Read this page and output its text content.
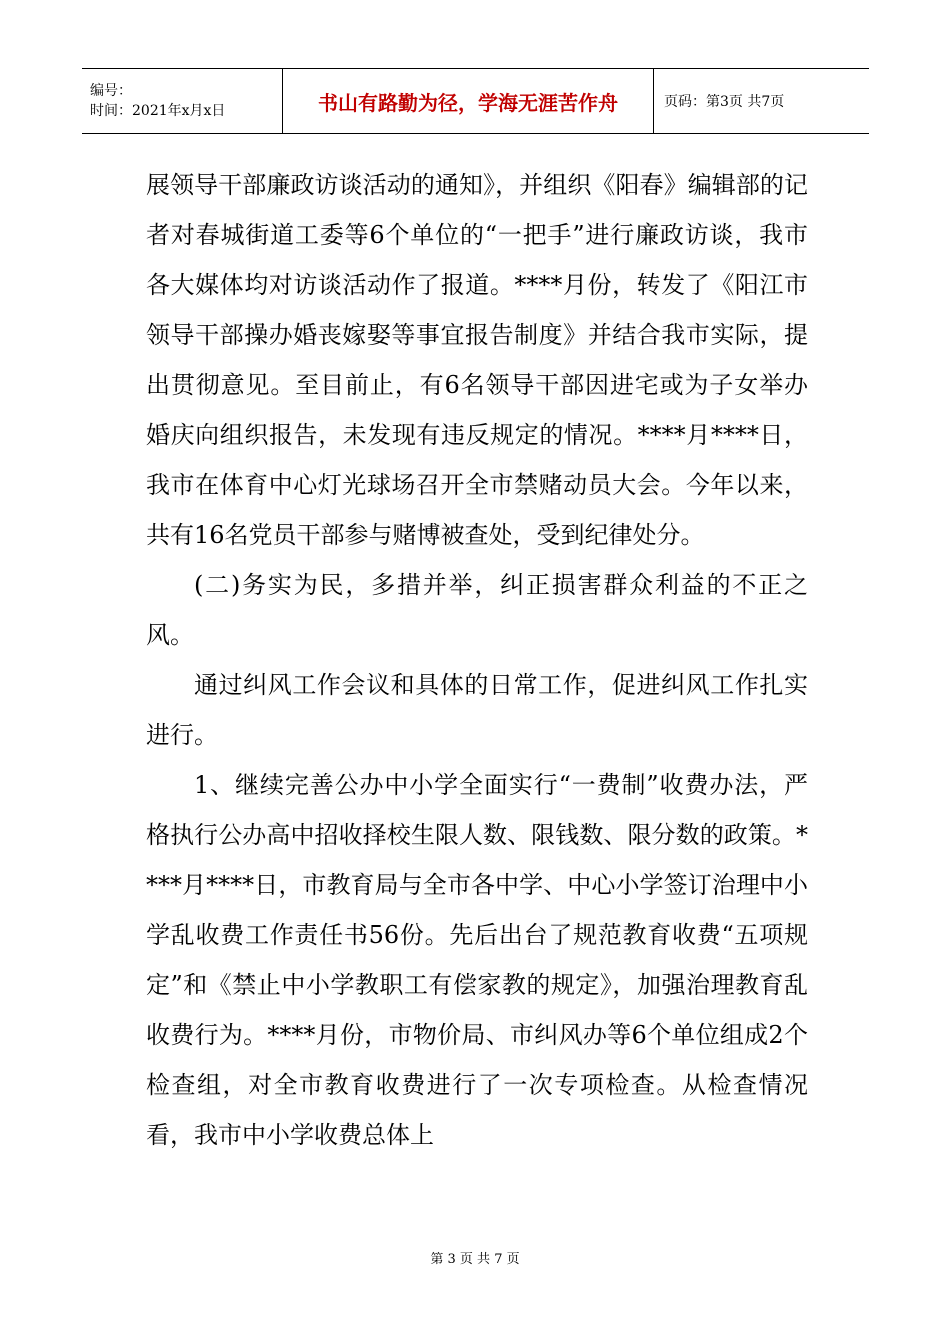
编号：
时间：2021年x月x日	书山有路勤为径，学海无涯苦作舟	页码：第3页 共7页

展领导干部廉政访谈活动的通知》，并组织《阳春》编辑部的记者对春城街道工委等6个单位的“一把手”进行廉政访谈，我市各大媒体均对访谈活动作了报道。****月份，转发了《阳江市领导干部操办婚丧嫁娶等事宜报告制度》并结合我市实际，提出贯彻意见。至目前止，有6名领导干部因进宅或为子女举办婚庆向组织报告，未发现有违反规定的情况。****月****日，我市在体育中心灯光球场召开全市禁赌动员大会。今年以来，共有16名党员干部参与赌博被查处，受到纪律处分。

(二)务实为民，多措并举，纠正损害群众利益的不正之风。

通过纠风工作会议和具体的日常工作，促进纠风工作扎实进行。

1、继续完善公办中小学全面实行“一费制”收费办法，严格执行公办高中招收择校生限人数、限钱数、限分数的政策。****月****日，市教育局与全市各中学、中心小学签订治理中小学乱收费工作责任书56份。先后出台了规范教育收费“五项规定”和《禁止中小学教职工有偿家教的规定》，加强治理教育乱收费行为。****月份，市物价局、市纠风办等6个单位组成2个检查组，对全市教育收费进行了一次专项检查。从检查情况看，我市中小学收费总体上

第 3 页 共 7 页
